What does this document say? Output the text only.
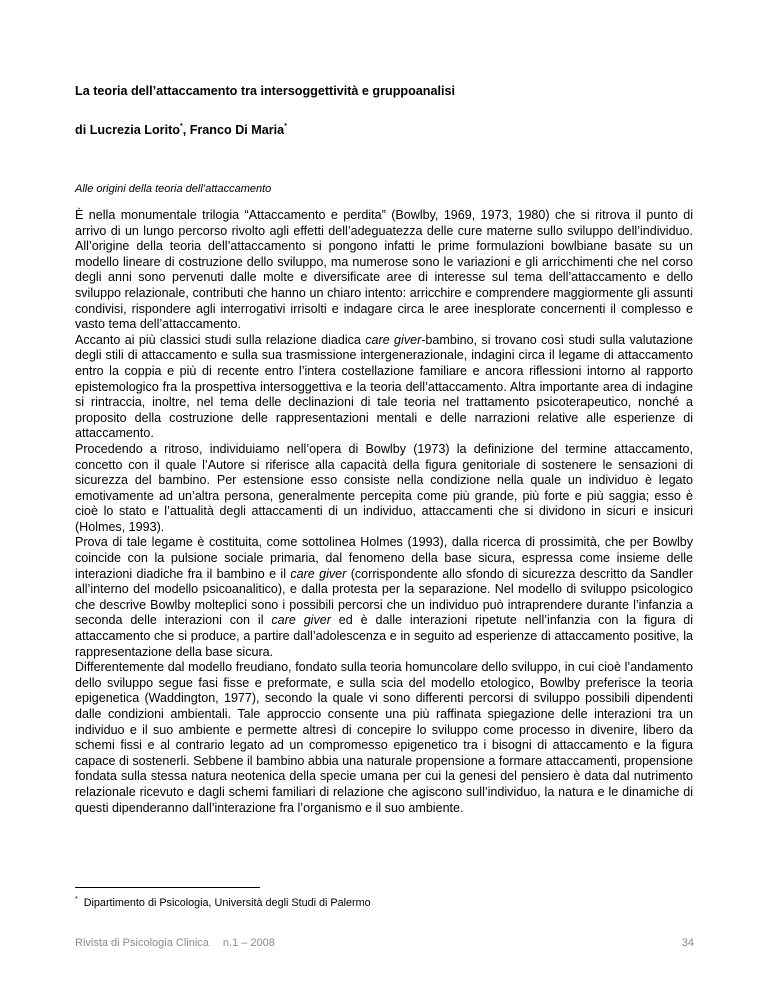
La teoria dell’attaccamento tra intersoggettività e gruppoanalisi
di Lucrezia Lorito*, Franco Di Maria*
Alle origini della teoria dell’attaccamento

È nella monumentale trilogia “Attaccamento e perdita” (Bowlby, 1969, 1973, 1980) che si ritrova il punto di arrivo di un lungo percorso rivolto agli effetti dell’adeguatezza delle cure materne sullo sviluppo dell’individuo. All’origine della teoria dell’attaccamento si pongono infatti le prime formulazioni bowlbiane basate su un modello lineare di costruzione dello sviluppo, ma numerose sono le variazioni e gli arricchimenti che nel corso degli anni sono pervenuti dalle molte e diversificate aree di interesse sul tema dell’attaccamento e dello sviluppo relazionale, contributi che hanno un chiaro intento: arricchire e comprendere maggiormente gli assunti condivisi, rispondere agli interrogativi irrisolti e indagare circa le aree inesplorate concernenti il complesso e vasto tema dell’attaccamento.

Accanto ai più classici studi sulla relazione diadica care giver-bambino, si trovano così studi sulla valutazione degli stili di attaccamento e sulla sua trasmissione intergenerazionale, indagini circa il legame di attaccamento entro la coppia e più di recente entro l’intera costellazione familiare e ancora riflessioni intorno al rapporto epistemologico fra la prospettiva intersoggettiva e la teoria dell’attaccamento. Altra importante area di indagine si rintraccia, inoltre, nel tema delle declinazioni di tale teoria nel trattamento psicoterapeutico, nonché a proposito della costruzione delle rappresentazioni mentali e delle narrazioni relative alle esperienze di attaccamento.

Procedendo a ritroso, individuiamo nell’opera di Bowlby (1973) la definizione del termine attaccamento, concetto con il quale l’Autore si riferisce alla capacità della figura genitoriale di sostenere le sensazioni di sicurezza del bambino. Per estensione esso consiste nella condizione nella quale un individuo è legato emotivamente ad un’altra persona, generalmente percepita come più grande, più forte e più saggia; esso è cioè lo stato e l’attualità degli attaccamenti di un individuo, attaccamenti che si dividono in sicuri e insicuri (Holmes, 1993).

Prova di tale legame è costituita, come sottolinea Holmes (1993), dalla ricerca di prossimità, che per Bowlby coincide con la pulsione sociale primaria, dal fenomeno della base sicura, espressa come insieme delle interazioni diadiche fra il bambino e il care giver (corrispondente allo sfondo di sicurezza descritto da Sandler all’interno del modello psicoanalitico), e dalla protesta per la separazione. Nel modello di sviluppo psicologico che descrive Bowlby molteplici sono i possibili percorsi che un individuo può intraprendere durante l’infanzia a seconda delle interazioni con il care giver ed è dalle interazioni ripetute nell’infanzia con la figura di attaccamento che si produce, a partire dall’adolescenza e in seguito ad esperienze di attaccamento positive, la rappresentazione della base sicura.

Differentemente dal modello freudiano, fondato sulla teoria homuncolare dello sviluppo, in cui cioè l’andamento dello sviluppo segue fasi fisse e preformate, e sulla scia del modello etologico, Bowlby preferisce la teoria epigenetica (Waddington, 1977), secondo la quale vi sono differenti percorsi di sviluppo possibili dipendenti dalle condizioni ambientali. Tale approccio consente una più raffinata spiegazione delle interazioni tra un individuo e il suo ambiente e permette altresì di concepire lo sviluppo come processo in divenire, libero da schemi fissi e al contrario legato ad un compromesso epigenetico tra i bisogni di attaccamento e la figura capace di sostenerli. Sebbene il bambino abbia una naturale propensione a formare attaccamenti, propensione fondata sulla stessa natura neotenica della specie umana per cui la genesi del pensiero è data dal nutrimento relazionale ricevuto e dagli schemi familiari di relazione che agiscono sull’individuo, la natura e le dinamiche di questi dipenderanno dall’interazione fra l’organismo e il suo ambiente.

* Dipartimento di Psicologia, Università degli Studi di Palermo
Rivista di Psicologia Clinica n.1 – 2008	34
